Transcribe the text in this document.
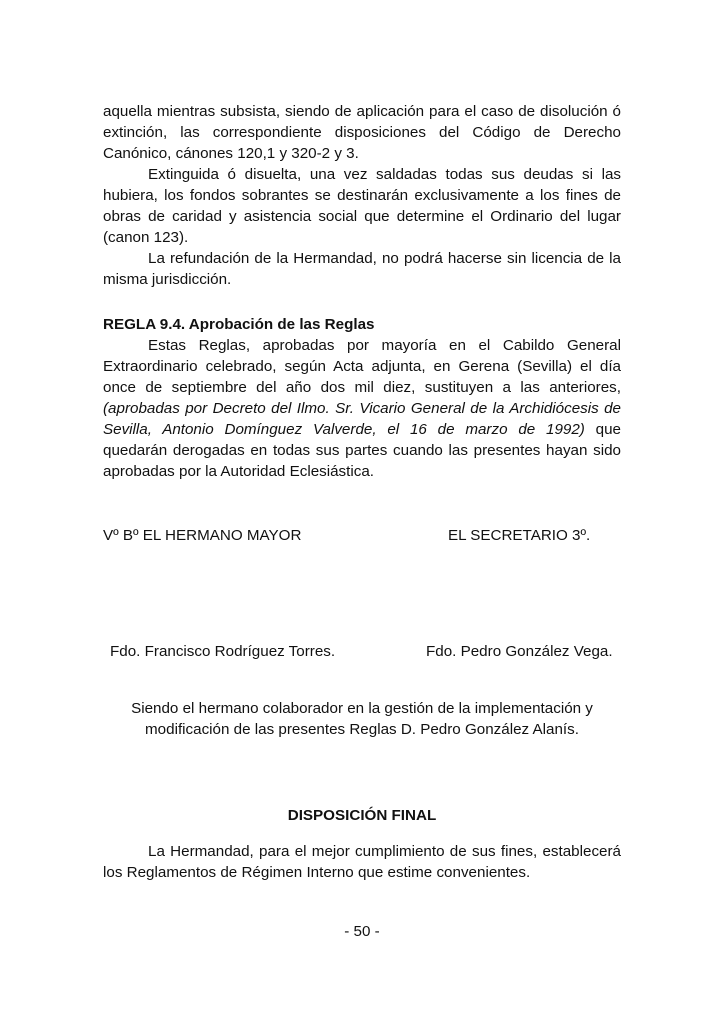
aquella mientras subsista, siendo de aplicación para el caso de disolución ó extinción, las correspondiente disposiciones del Código de Derecho Canónico, cánones 120,1 y 320-2 y 3.

Extinguida ó disuelta, una vez saldadas todas sus deudas si las hubiera, los fondos sobrantes se destinarán exclusivamente a los fines de obras de caridad y asistencia social que determine el Ordinario del lugar (canon 123).

La refundación de la Hermandad, no podrá hacerse sin licencia de la misma jurisdicción.

REGLA 9.4. Aprobación de las Reglas

Estas Reglas, aprobadas por mayoría en el Cabildo General Extraordinario celebrado, según Acta adjunta, en Gerena (Sevilla) el día once de septiembre del año dos mil diez, sustituyen a las anteriores, (aprobadas por Decreto del Ilmo. Sr. Vicario General de la Archidiócesis de Sevilla, Antonio Domínguez Valverde, el 16 de marzo de 1992) que quedarán derogadas en todas sus partes cuando las presentes hayan sido aprobadas por la Autoridad Eclesiástica.

Vº Bº EL HERMANO MAYOR	EL SECRETARIO 3º.
Fdo. Francisco Rodríguez Torres.	Fdo. Pedro González Vega.
Siendo el hermano colaborador en la gestión de la implementación y
modificación de las presentes Reglas D. Pedro González Alanís.

DISPOSICIÓN FINAL

La Hermandad, para el mejor cumplimiento de sus fines, establecerá los Reglamentos de Régimen Interno que estime convenientes.

- 50 -
